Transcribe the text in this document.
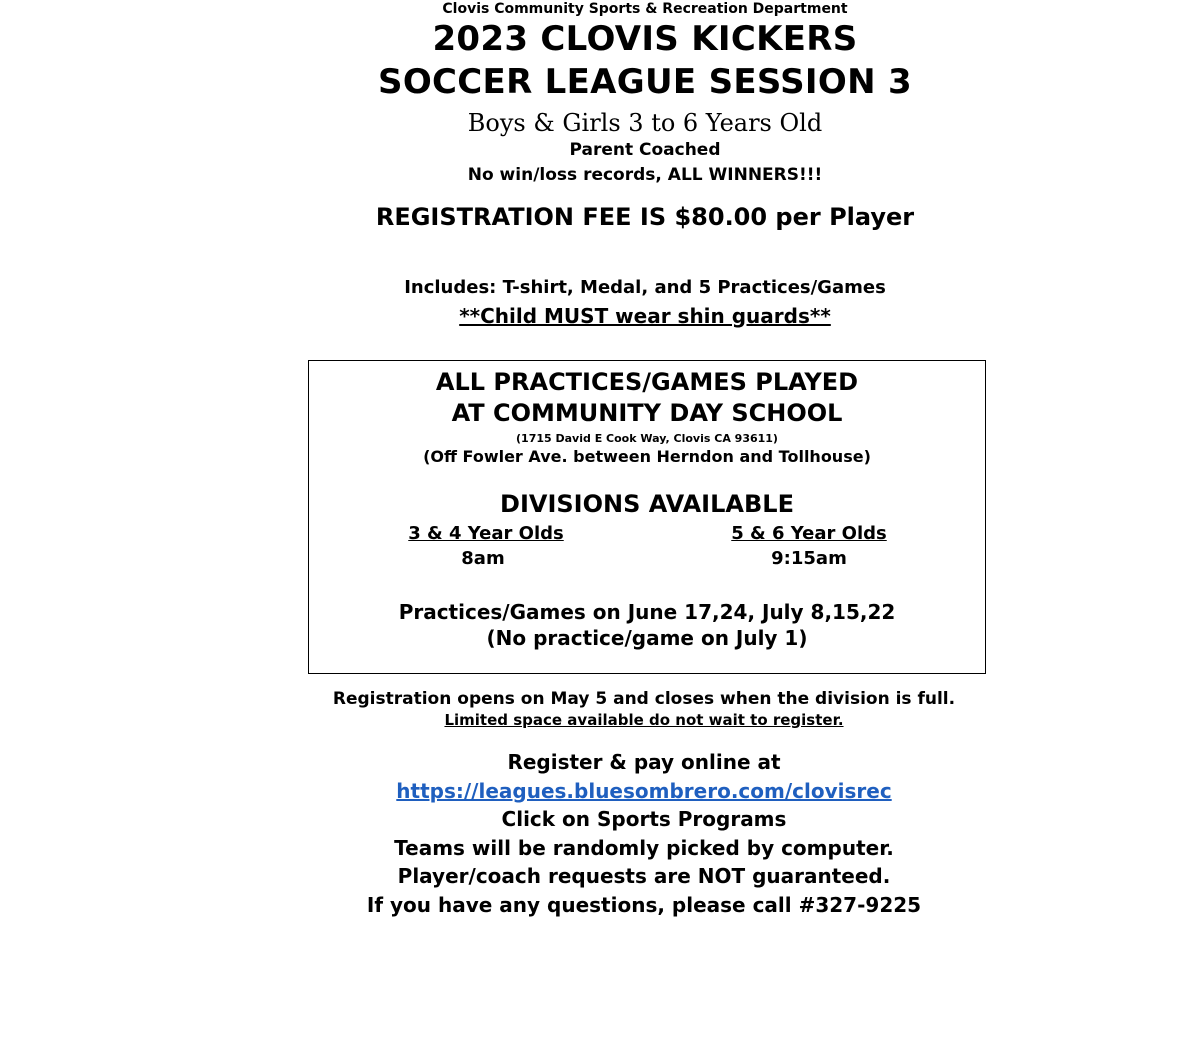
Clovis Community Sports & Recreation Department
2023 CLOVIS KICKERS
SOCCER LEAGUE SESSION 3
Boys & Girls 3 to 6 Years Old
Parent Coached
No win/loss records, ALL WINNERS!!!
REGISTRATION FEE IS $80.00 per Player
Includes: T-shirt, Medal, and 5 Practices/Games
**Child MUST wear shin guards**
ALL PRACTICES/GAMES PLAYED
AT COMMUNITY DAY SCHOOL
(1715 David E Cook Way, Clovis CA 93611)
(Off Fowler Ave. between Herndon and Tollhouse)
DIVISIONS AVAILABLE
3 & 4 Year Olds
8am
5 & 6 Year Olds
9:15am
Practices/Games on June 17,24, July 8,15,22
(No practice/game on July 1)
Registration opens on May 5 and closes when the division is full.
Limited space available do not wait to register.
Register & pay online at
https://leagues.bluesombrero.com/clovisrec
Click on Sports Programs
Teams will be randomly picked by computer.
Player/coach requests are NOT guaranteed.
If you have any questions, please call #327-9225
